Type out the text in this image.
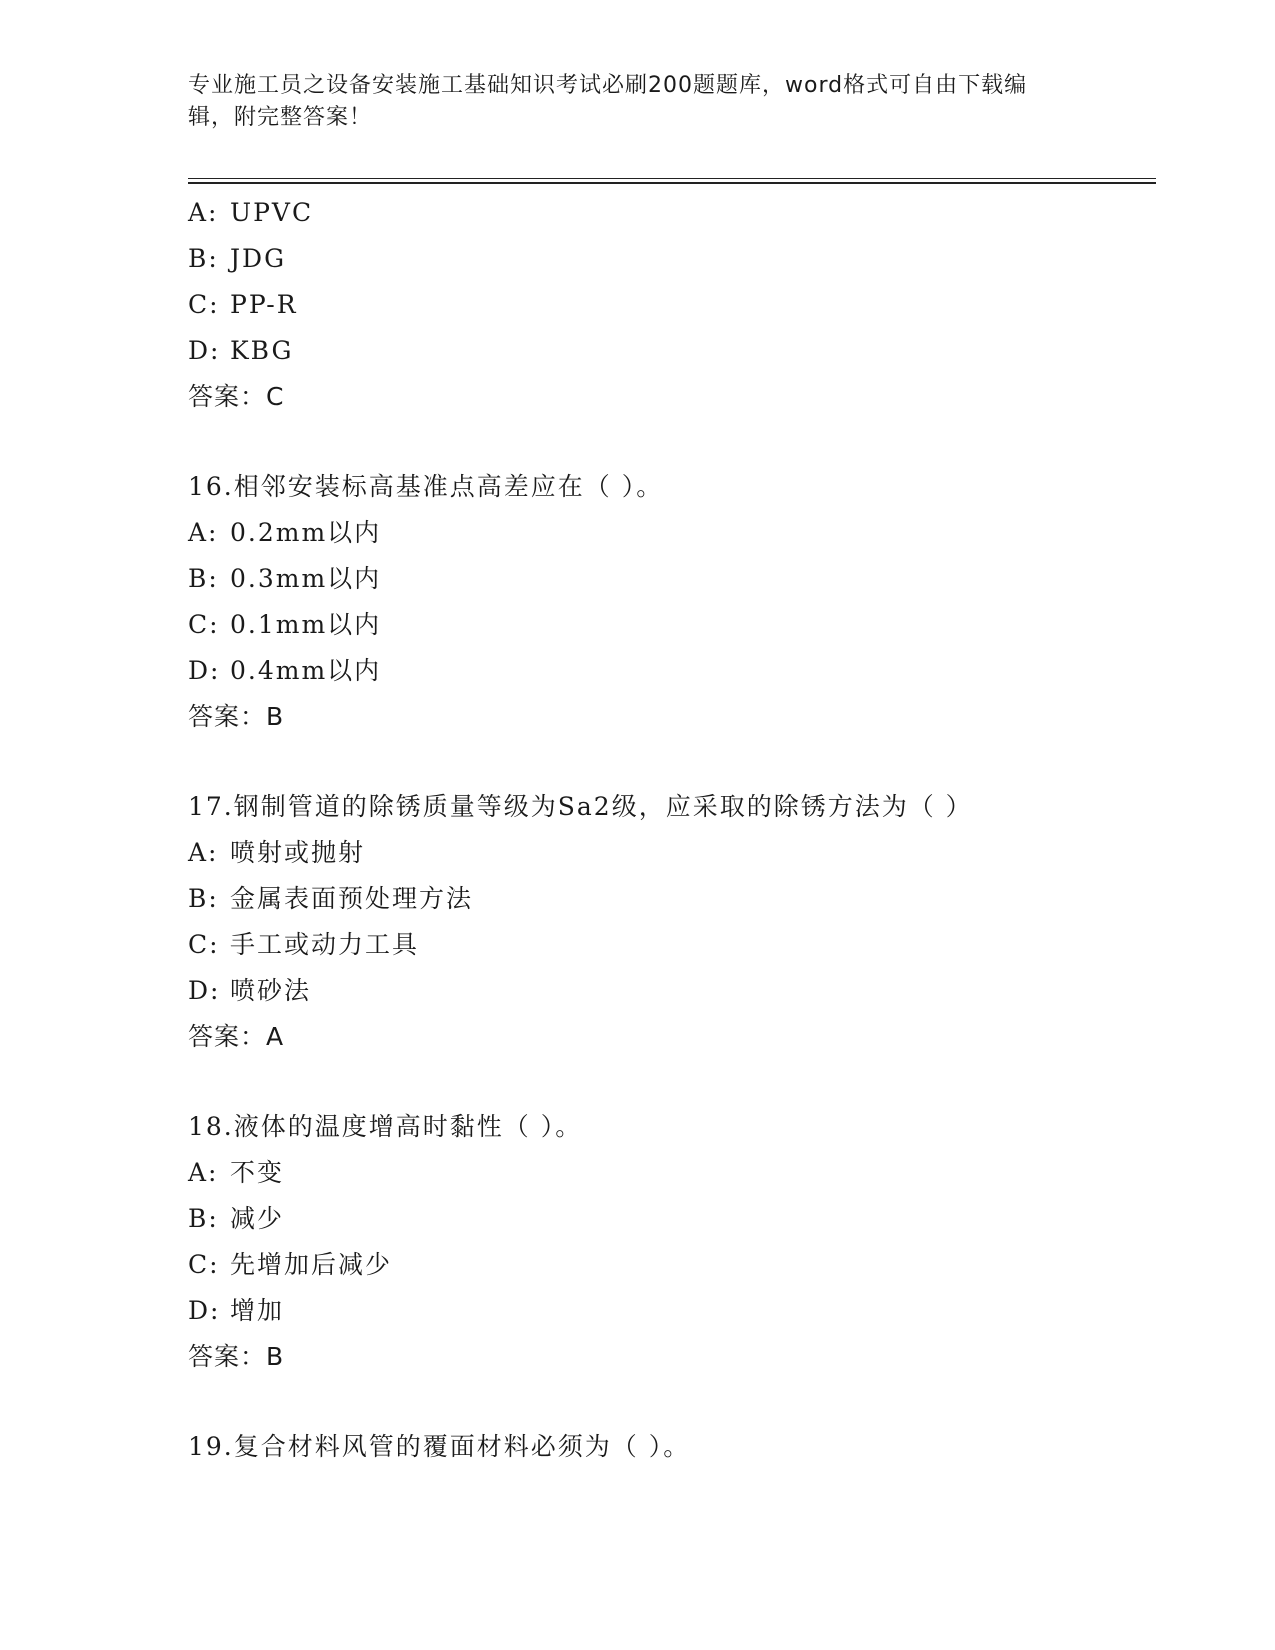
专业施工员之设备安装施工基础知识考试必刷200题题库，word格式可自由下载编辑，附完整答案！
A: UPVC
B: JDG
C: PP-R
D: KBG
答案：C
16.相邻安装标高基准点高差应在（ ）。
A: 0.2mm以内
B: 0.3mm以内
C: 0.1mm以内
D: 0.4mm以内
答案：B
17.钢制管道的除锈质量等级为Sa2级，应采取的除锈方法为（ ）
A: 喷射或抛射
B: 金属表面预处理方法
C: 手工或动力工具
D: 喷砂法
答案：A
18.液体的温度增高时黏性（ ）。
A: 不变
B: 减少
C: 先增加后减少
D: 增加
答案：B
19.复合材料风管的覆面材料必须为（ ）。
